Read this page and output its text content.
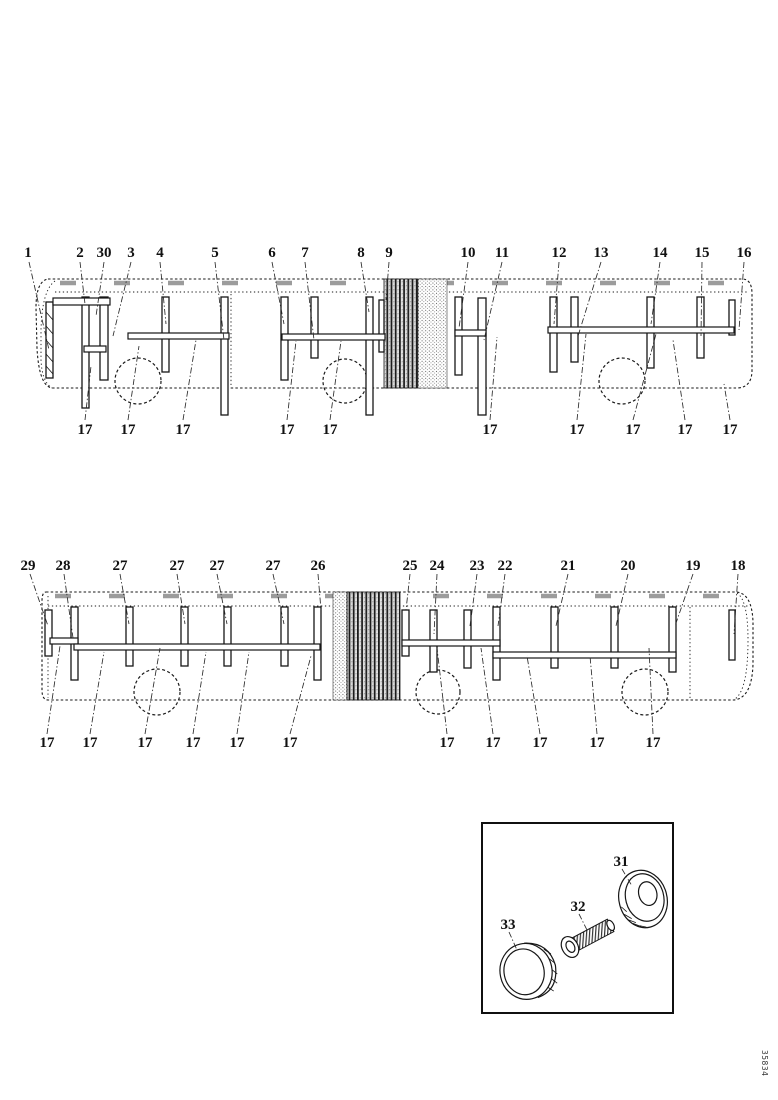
1	2 30 3 4	5	6 7	8 9	10 11	12 13	14 15 16
17 17	17	17 17	17	17	17 17 17
29 28	27	27 27	27 26	25 24 23 22	21	20	19 18
17 17	17 17 17	17	17 17 17	17	17
31
32
33
35834
